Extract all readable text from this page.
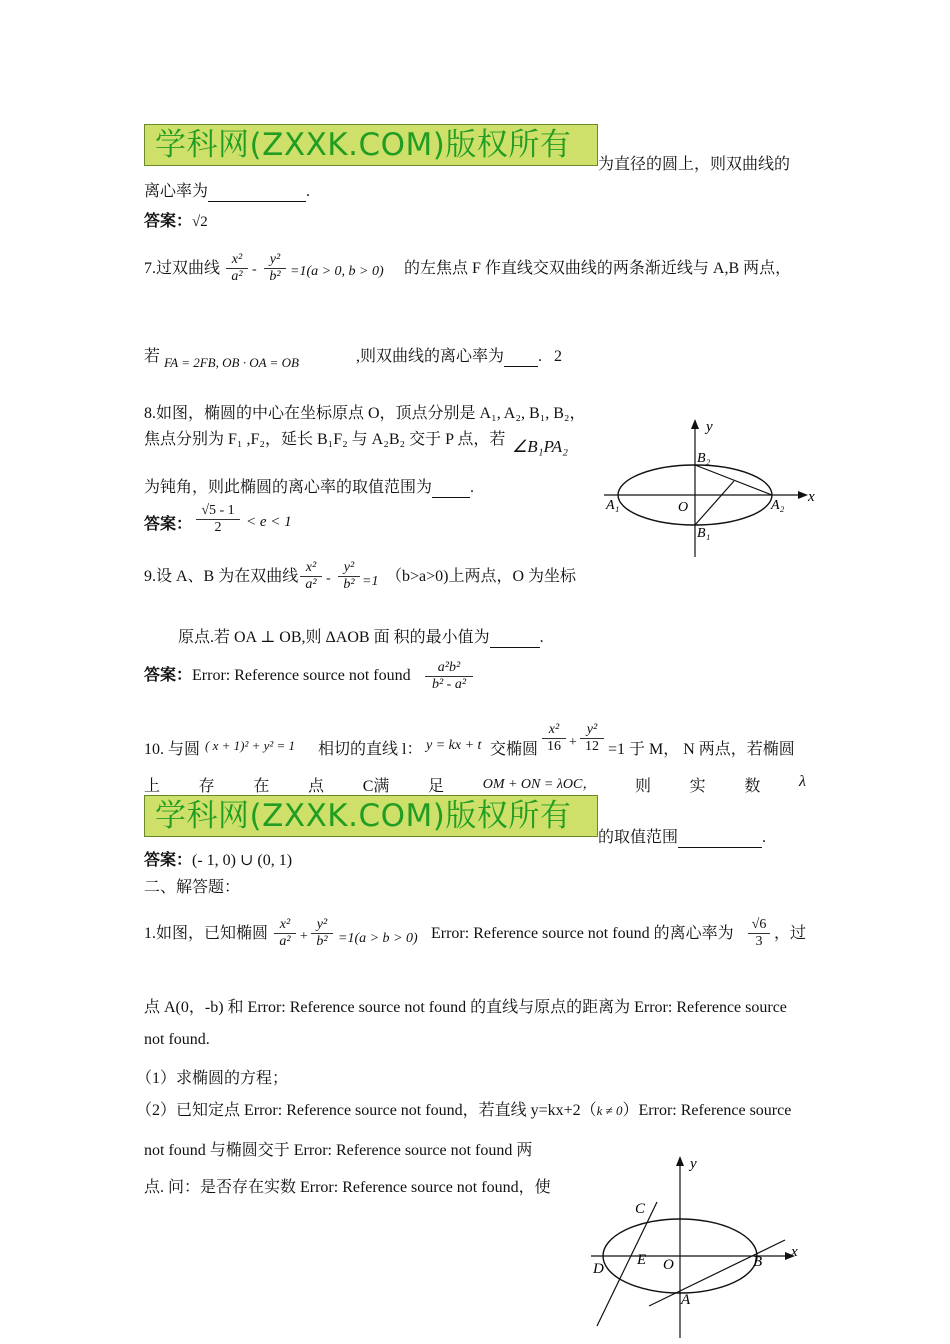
学科网(ZXXK.COM)版权所有
为直径的圆上，则双曲线的
离心率为	.
答案：√2
7.过双曲线 $\frac{\text{x²}}{\text{a²}} - \frac{\text{y²}}{\text{b²}} =1(a > 0$, b > 0) 的左焦点 F 作直线交双曲线的两条渐近线与 A,B 两点，
若 FA = 2FB, OB · OA = OB	,则双曲线的离心率为 . 2
8.如图，椭圆的中心在坐标原点 O，顶点分别是 A₁, A₂, B₁, B₂，
焦点分别为 F₁ ,F₂，延长 B₁F₂ 与 A₂B₂ 交于 P 点，若 ∠B₁PA₂
为钝角，则此椭圆的离心率的取值范围为 .
答案： $\frac{√5 - 1}{2} < e < 1$
y
x
B₂
O
A₁	A₂
B₁
9.设 A、B 为在双曲线 $\frac{\text{x²}}{\text{a²}} - \frac{\text{y²}}{\text{b²}} =1$ （b>a>0)上两点，O 为坐标
原点.若 OA ⊥ OB,则 ΔAOB 面 积的最小值为	.
答案：Error: Reference source not found $\frac{\text{a²b²}}{\text{b² - a²}}$
10. 与圆 ( x + 1)² + y² = 1 相切的直线 l： y = kx + t 交椭圆 $\frac{\text{x²}}{16} + \frac{\text{y²}}{12} =1$ 于 M， N 两点，若椭圆
上 存 在 点 C满 足	OM + ON = λOC， 则 实 数 λ
学科网(ZXXK.COM)版权所有
的取值范围	.
答案：(- 1, 0) ∪ (0, 1)
二、解答题：
1.如图，已知椭圆 $\frac{\text{x²}}{\text{a²}} + \frac{\text{y²}}{\text{b²}} =1(a > b > 0)$ Error: Reference source not found 的离心率为 $\frac{√6}{3}$ ，过
点 A(0，-b) 和 Error: Reference source not found 的直线与原点的距离为 Error: Reference source
not found.
（1）求椭圆的方程；
（2）已知定点 Error: Reference source not found，若直线 y=kx+2（k ≠ 0）Error: Reference source
not found 与椭圆交于 Error: Reference source not found 两
点. 问：是否存在实数 Error: Reference source not found，使
y
x
C
E O
D	B
A
